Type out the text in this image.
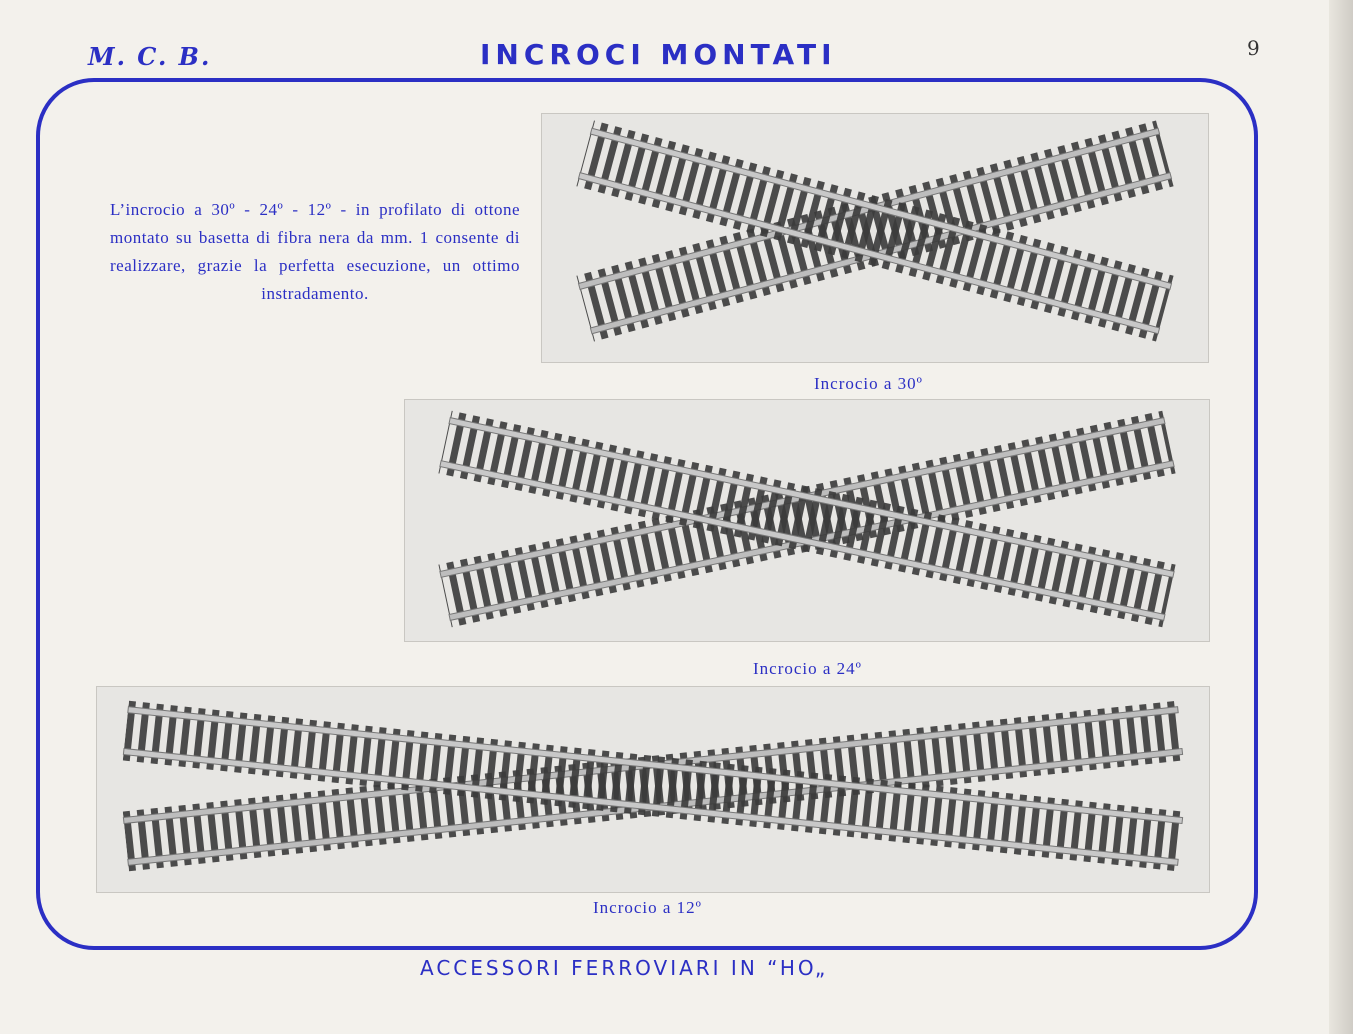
M. C. B.	INCROCI MONTATI	9
L’incrocio a 30º - 24º - 12º - in profilato di ottone montato su basetta di fibra nera da mm. 1 consente di realizzare, grazie la perfetta esecuzione, un ottimo instradamento.
Incrocio a 30º
Incrocio a 24º
Incrocio a 12º
ACCESSORI FERROVIARI IN “HO„
